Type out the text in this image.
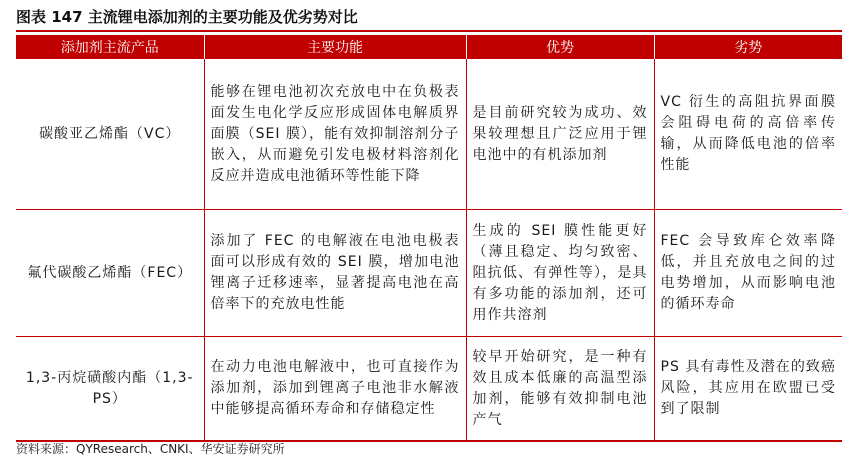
图表 147 主流锂电添加剂的主要功能及优劣势对比
添加剂主流产品	主要功能	优势	劣势
碳酸亚乙烯酯（VC）	能够在锂电池初次充放电中在负极表面发生电化学反应形成固体电解质界面膜（SEI 膜），能有效抑制溶剂分子嵌入，从而避免引发电极材料溶剂化反应并造成电池循环等性能下降	是目前研究较为成功、效果较理想且广泛应用于锂电池中的有机添加剂	VC 衍生的高阻抗界面膜会阻碍电荷的高倍率传输，从而降低电池的倍率性能
氟代碳酸乙烯酯（FEC）	添加了 FEC 的电解液在电池电极表面可以形成有效的 SEI 膜，增加电池锂离子迁移速率，显著提高电池在高倍率下的充放电性能	生成的 SEI 膜性能更好（薄且稳定、均匀致密、阻抗低、有弹性等），是具有多功能的添加剂，还可用作共溶剂	FEC 会导致库仑效率降低，并且充放电之间的过电势增加，从而影响电池的循环寿命
1,3-丙烷磺酸内酯（1,3-PS）	在动力电池电解液中，也可直接作为添加剂，添加到锂离子电池非水解液中能够提高循环寿命和存储稳定性	较早开始研究，是一种有效且成本低廉的高温型添加剂，能够有效抑制电池产气	PS 具有毒性及潜在的致癌风险，其应用在欧盟已受到了限制
资料来源：QYResearch、CNKI、华安证券研究所
